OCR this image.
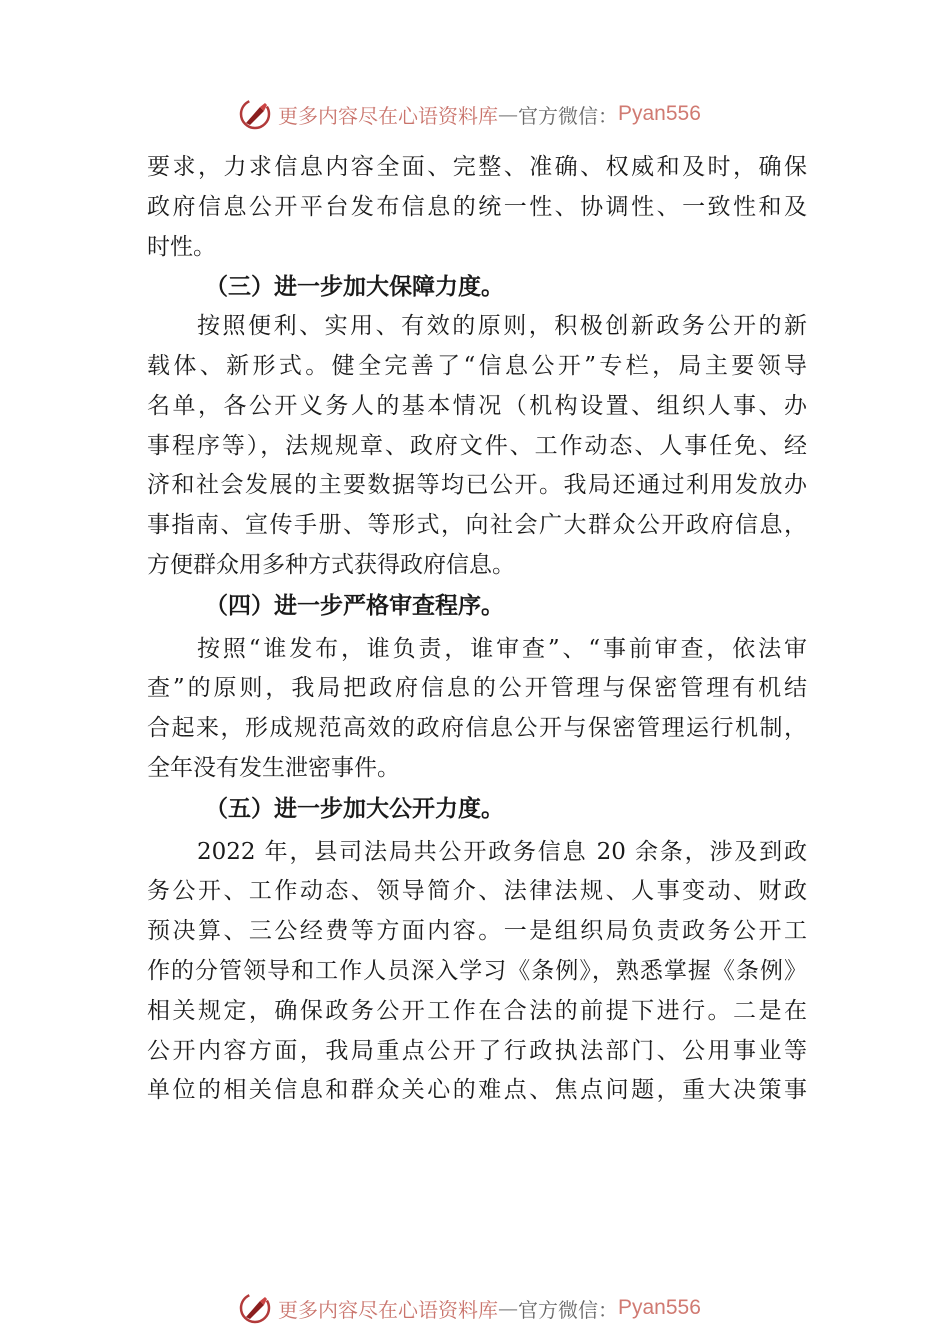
更多内容尽在心语资料库 — 官方微信： Pyan556
要求，力求信息内容全面、完整、准确、权威和及时，确保
政府信息公开平台发布信息的统一性、协调性、一致性和及
时性。
（三）进一步加大保障力度。
按照便利、实用、有效的原则，积极创新政务公开的新
载体、新形式。健全完善了“信息公开”专栏，局主要领导
名单，各公开义务人的基本情况（机构设置、组织人事、办
事程序等），法规规章、政府文件、工作动态、人事任免、经
济和社会发展的主要数据等均已公开。我局还通过利用发放办
事指南、宣传手册、等形式，向社会广大群众公开政府信息，
方便群众用多种方式获得政府信息。
（四）进一步严格审查程序。
按照“谁发布，谁负责，谁审查”、“事前审查，依法审
查”的原则，我局把政府信息的公开管理与保密管理有机结
合起来，形成规范高效的政府信息公开与保密管理运行机制，
全年没有发生泄密事件。
（五）进一步加大公开力度。
2022 年，县司法局共公开政务信息 20 余条，涉及到政
务公开、工作动态、领导简介、法律法规、人事变动、财政
预决算、三公经费等方面内容。一是组织局负责政务公开工
作的分管领导和工作人员深入学习《条例》，熟悉掌握《条例》
相关规定，确保政务公开工作在合法的前提下进行。二是在
公开内容方面，我局重点公开了行政执法部门、公用事业等
单位的相关信息和群众关心的难点、焦点问题，重大决策事
更多内容尽在心语资料库 — 官方微信： Pyan556
